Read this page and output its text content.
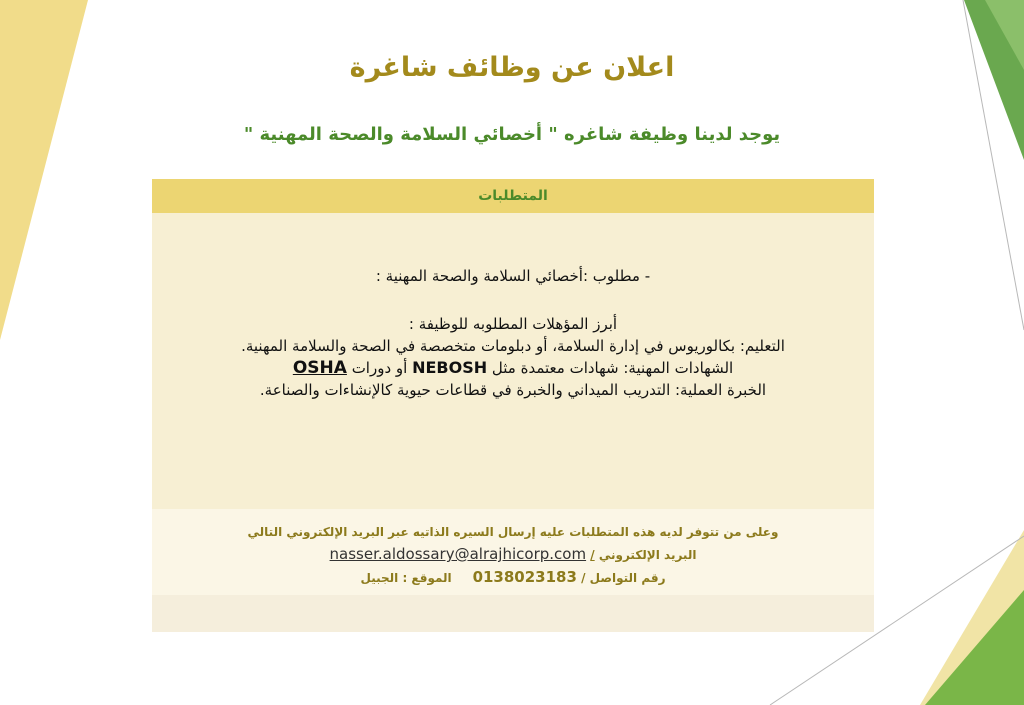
اعلان عن وظائف شاغرة
يوجد لدينا وظيفة شاغره " أخصائي السلامة والصحة المهنية "
المتطلبات
- مطلوب :أخصائي السلامة والصحة المهنية :
أبرز المؤهلات المطلوبه للوظيفة :
التعليم: بكالوريوس في إدارة السلامة، أو دبلومات متخصصة في الصحة والسلامة المهنية.
الشهادات المهنية: شهادات معتمدة مثل NEBOSH أو دورات OSHA
الخبرة العملية: التدريب الميداني والخبرة في قطاعات حيوية كالإنشاءات والصناعة.
وعلى من تتوفر لديه هذه المتطلبات عليه إرسال السيره الذاتيه عبر البريد الإلكتروني التالي
البريد الإلكتروني / nasser.aldossary@alrajhicorp.com
رقم التواصل / 0138023183     الموقع : الجبيل
